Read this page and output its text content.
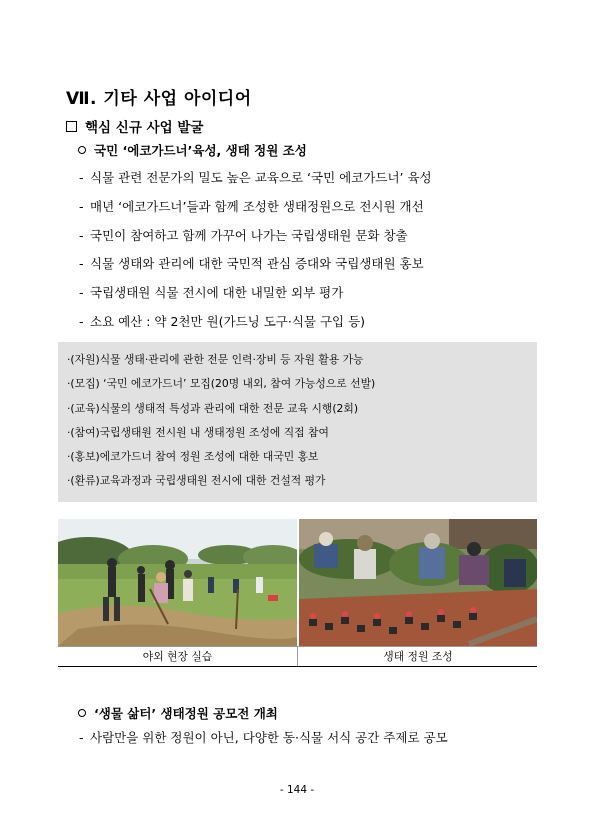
Ⅶ. 기타 사업 아이디어
핵심 신규 사업 발굴
국민 ‘에코가드너’육성, 생태 정원 조성
- 식물 관련 전문가의 밀도 높은 교육으로 ‘국민 에코가드너’ 육성
- 매년 ‘에코가드너’들과 함께 조성한 생태정원으로 전시원 개선
- 국민이 참여하고 함께 가꾸어 나가는 국립생태원 문화 창출
- 식물 생태와 관리에 대한 국민적 관심 증대와 국립생태원 홍보
- 국립생태원 식물 전시에 대한 내밀한 외부 평가
- 소요 예산 : 약 2천만 원(가드닝 도구·식물 구입 등)
·(자원)식물 생태·관리에 관한 전문 인력·장비 등 자원 활용 가능
·(모집) ‘국민 에코가드너’ 모집(20명 내외, 참여 가능성으로 선발)
·(교육)식물의 생태적 특성과 관리에 대한 전문 교육 시행(2회)
·(참여)국립생태원 전시원 내 생태정원 조성에 직접 참여
·(홍보)에코가드너 참여 정원 조성에 대한 대국민 홍보
·(환류)교육과정과 국립생태원 전시에 대한 건설적 평가
야외 현장 실습	생태 정원 조성
‘생물 삶터’ 생태정원 공모전 개최
- 사람만을 위한 정원이 아닌, 다양한 동·식물 서식 공간 주제로 공모
- 144 -
